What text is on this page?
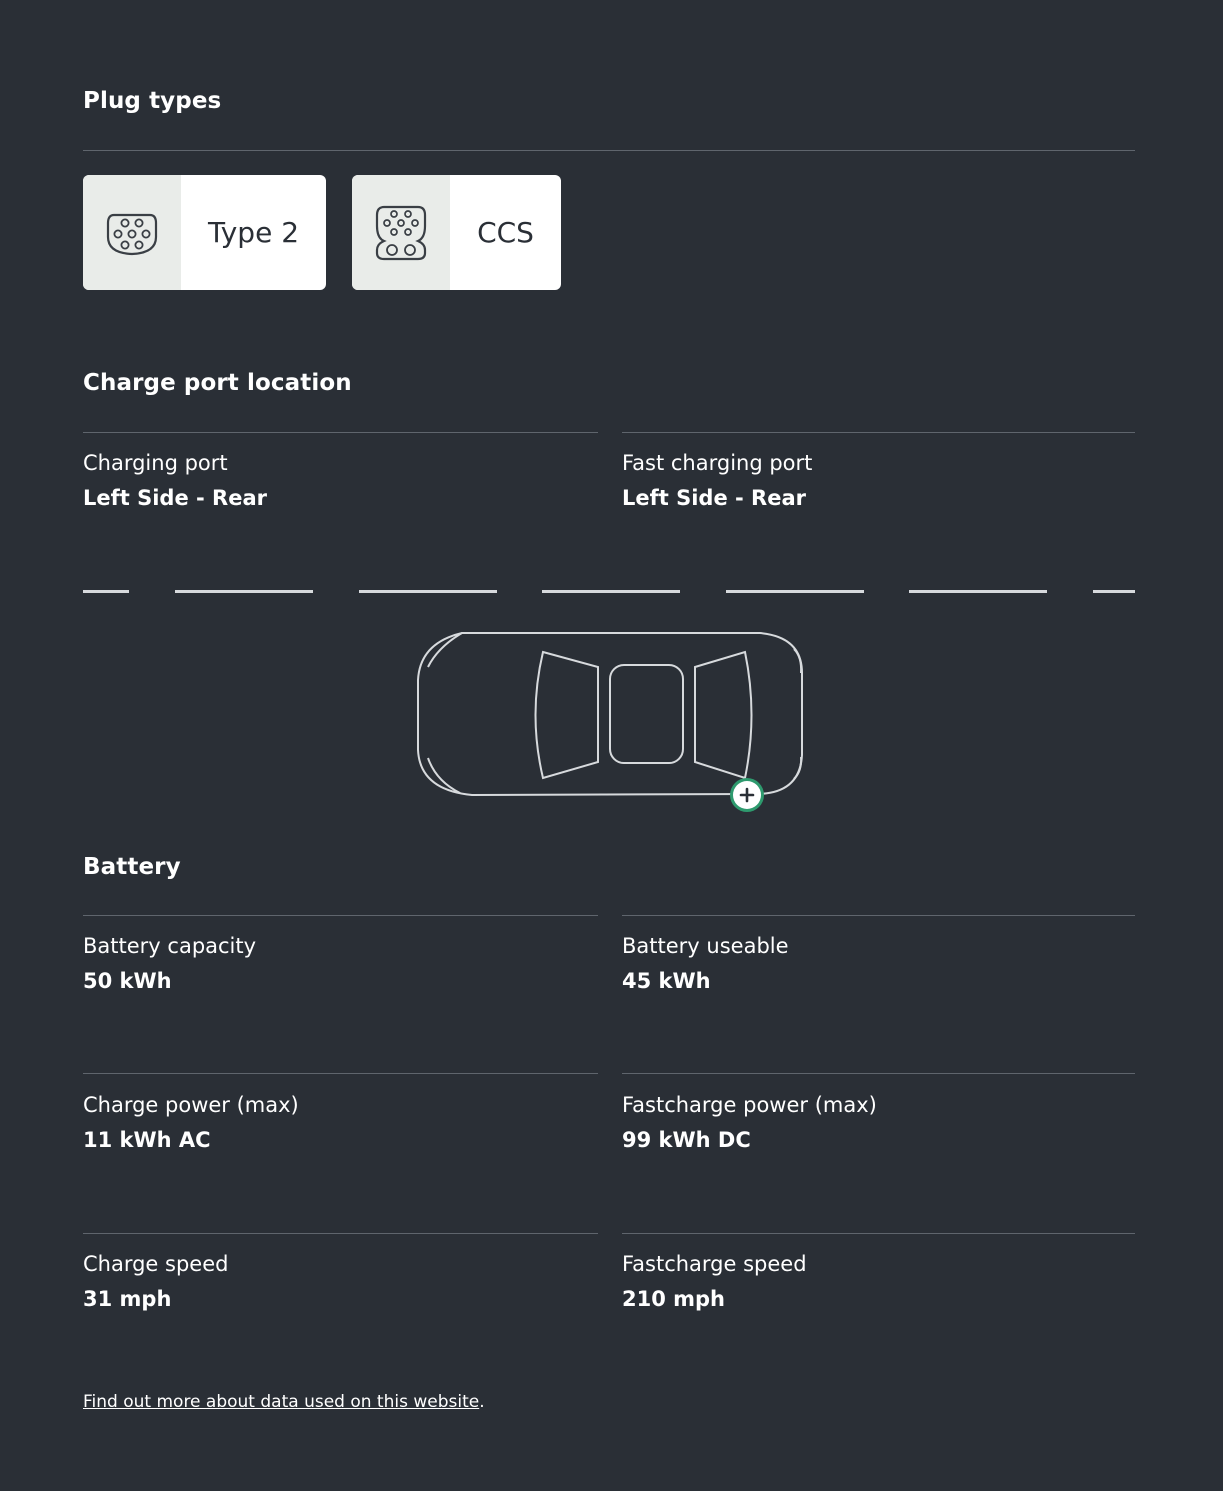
Plug types
Type 2	CCS
Charge port location
Charging port
Left Side - Rear
Fast charging port
Left Side - Rear
Battery
Battery capacity
50 kWh
Battery useable
45 kWh
Charge power (max)
11 kWh AC
Fastcharge power (max)
99 kWh DC
Charge speed
31 mph
Fastcharge speed
210 mph
Find out more about data used on this website.
